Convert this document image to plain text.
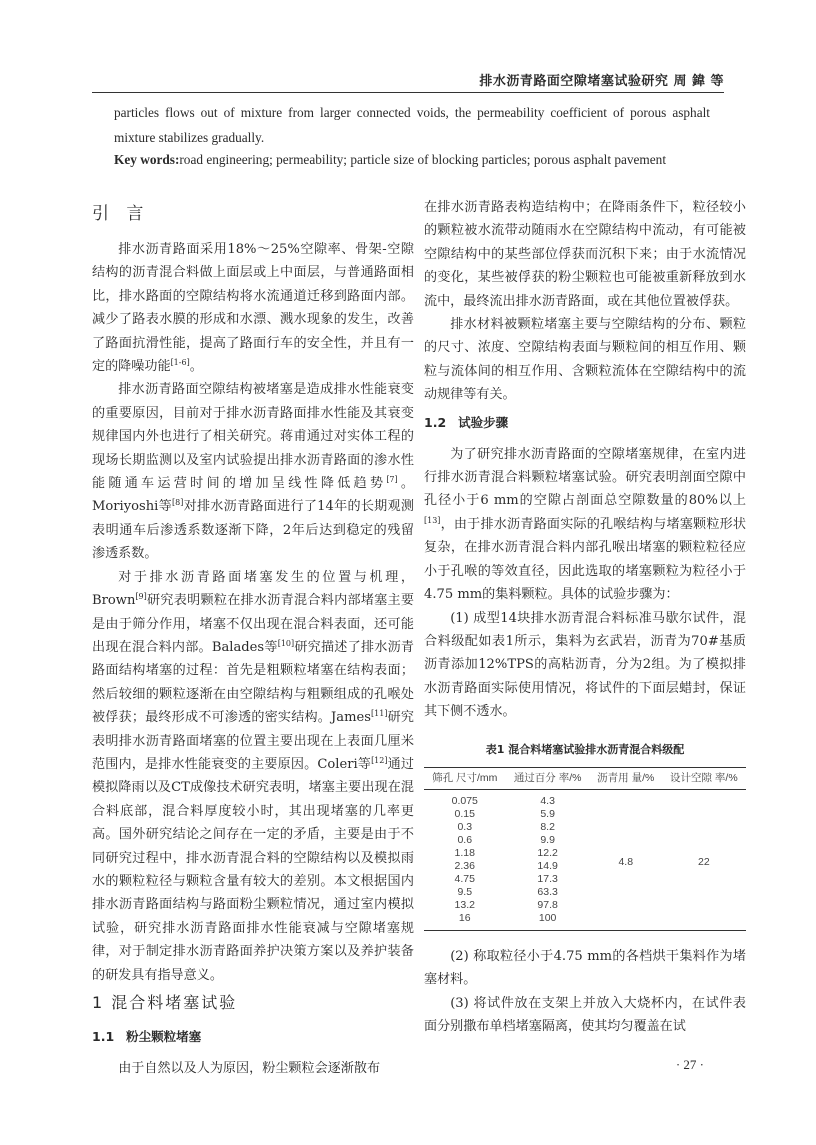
排水沥青路面空隙堵塞试验研究 周 鍏 等
particles flows out of mixture from larger connected voids, the permeability coefficient of porous asphalt mixture stabilizes gradually.
Key words:road engineering; permeability; particle size of blocking particles; porous asphalt pavement
引 言

排水沥青路面采用18%～25%空隙率、骨架-空隙结构的沥青混合料做上面层或上中面层，与普通路面相比，排水路面的空隙结构将水流通道迁移到路面内部。减少了路表水膜的形成和水漂、溅水现象的发生，改善了路面抗滑性能，提高了路面行车的安全性，并且有一定的降噪功能[1-6]。

排水沥青路面空隙结构被堵塞是造成排水性能衰变的重要原因，目前对于排水沥青路面排水性能及其衰变规律国内外也进行了相关研究。蒋甫通过对实体工程的现场长期监测以及室内试验提出排水沥青路面的渗水性能随通车运营时间的增加呈线性降低趋势[7]。Moriyoshi等[8]对排水沥青路面进行了14年的长期观测表明通车后渗透系数逐渐下降，2年后达到稳定的残留渗透系数。

对于排水沥青路面堵塞发生的位置与机理，Brown[9]研究表明颗粒在排水沥青混合料内部堵塞主要是由于筛分作用，堵塞不仅出现在混合料表面，还可能出现在混合料内部。Balades等[10]研究描述了排水沥青路面结构堵塞的过程：首先是粗颗粒堵塞在结构表面；然后较细的颗粒逐渐在由空隙结构与粗颗组成的孔喉处被俘获；最终形成不可渗透的密实结构。James[11]研究表明排水沥青路面堵塞的位置主要出现在上表面几厘米范围内，是排水性能衰变的主要原因。Coleri等[12]通过模拟降雨以及CT成像技术研究表明，堵塞主要出现在混合料底部，混合料厚度较小时，其出现堵塞的几率更高。国外研究结论之间存在一定的矛盾，主要是由于不同研究过程中，排水沥青混合料的空隙结构以及模拟雨水的颗粒粒径与颗粒含量有较大的差别。本文根据国内排水沥青路面结构与路面粉尘颗粒情况，通过室内模拟试验，研究排水沥青路面排水性能衰减与空隙堵塞规律，对于制定排水沥青路面养护决策方案以及养护装备的研发具有指导意义。

1 混合料堵塞试验
1.1 粉尘颗粒堵塞

由于自然以及人为原因，粉尘颗粒会逐渐散布

在排水沥青路表构造结构中；在降雨条件下，粒径较小的颗粒被水流带动随雨水在空隙结构中流动，有可能被空隙结构中的某些部位俘获而沉积下来；由于水流情况的变化，某些被俘获的粉尘颗粒也可能被重新释放到水流中，最终流出排水沥青路面，或在其他位置被俘获。

排水材料被颗粒堵塞主要与空隙结构的分布、颗粒的尺寸、浓度、空隙结构表面与颗粒间的相互作用、颗粒与流体间的相互作用、含颗粒流体在空隙结构中的流动规律等有关。

1.2 试验步骤

为了研究排水沥青路面的空隙堵塞规律，在室内进行排水沥青混合料颗粒堵塞试验。研究表明剖面空隙中孔径小于6 mm的空隙占剖面总空隙数量的80%以上[13]，由于排水沥青路面实际的孔喉结构与堵塞颗粒形状复杂，在排水沥青混合料内部孔喉出堵塞的颗粒粒径应小于孔喉的等效直径，因此选取的堵塞颗粒为粒径小于4.75 mm的集料颗粒。具体的试验步骤为：

(1) 成型14块排水沥青混合料标准马歇尔试件，混合料级配如表1所示，集料为玄武岩，沥青为70#基质沥青添加12%TPS的高粘沥青，分为2组。为了模拟排水沥青路面实际使用情况，将试件的下面层蜡封，保证其下侧不透水。

表1 混合料堵塞试验排水沥青混合料级配
筛孔 尺寸/mm	通过百分 率/%	沥青用 量/%	设计空隙 率/%
0.075	4.3	4.8	22
0.15	5.9		
0.3	8.2		
0.6	9.9		
1.18	12.2		
2.36	14.9		
4.75	17.3		
9.5	63.3		
13.2	97.8		
16	100		

(2) 称取粒径小于4.75 mm的各档烘干集料作为堵塞材料。

(3) 将试件放在支架上并放入大烧杯内，在试件表面分别撒布单档堵塞隔离，使其均匀覆盖在试

· 27 ·
